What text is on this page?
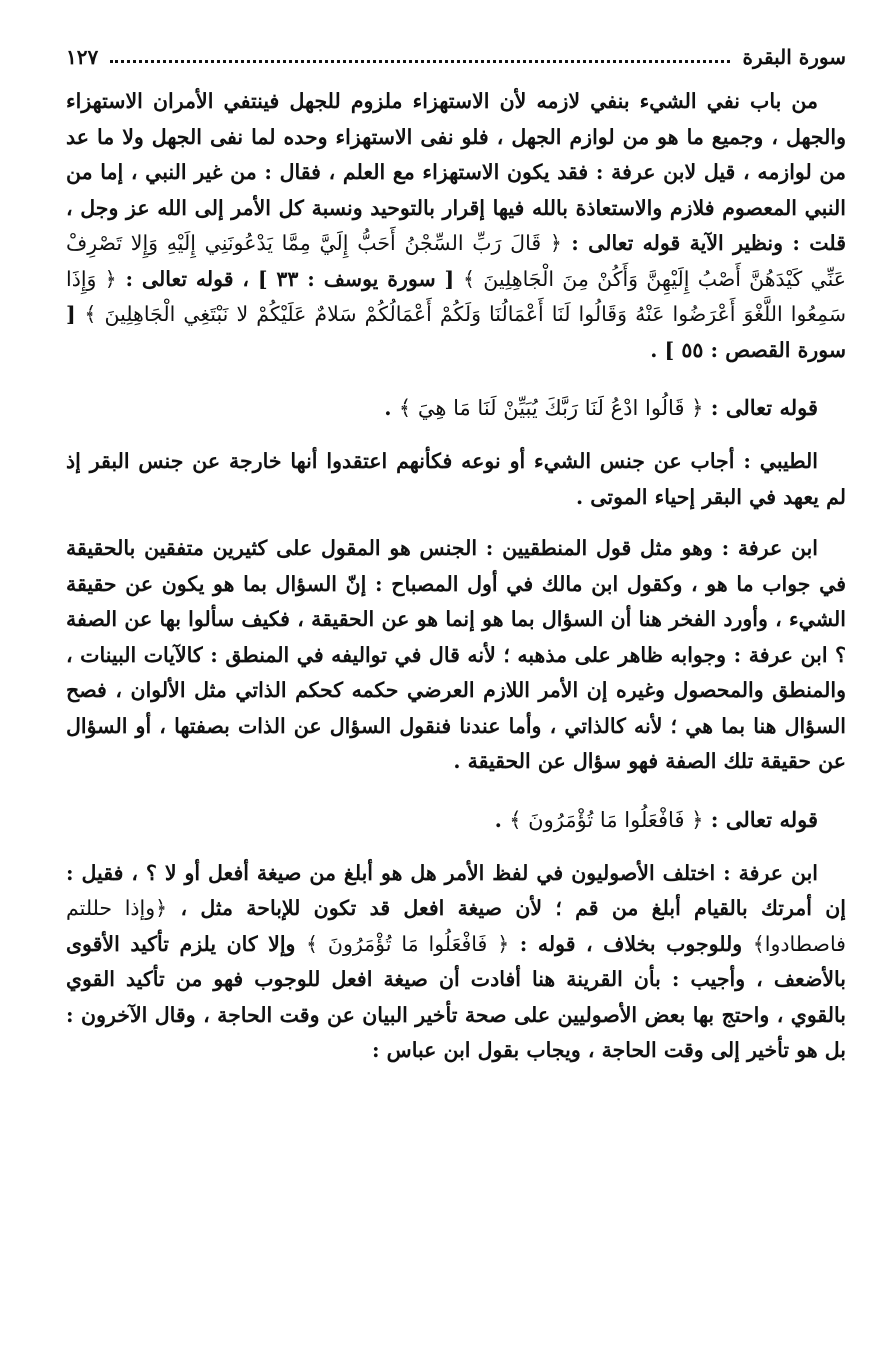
سورة البقرة
١٢٧

من باب نفي الشيء بنفي لازمه لأن الاستهزاء ملزوم للجهل فينتفي الأمران الاستهزاء والجهل ، وجميع ما هو من لوازم الجهل ، فلو نفى الاستهزاء وحده لما نفى الجهل ولا ما عد من لوازمه ، قيل لابن عرفة : فقد يكون الاستهزاء مع العلم ، فقال : من غير النبي ، إما من النبي المعصوم فلازم والاستعاذة بالله فيها إقرار بالتوحيد ونسبة كل الأمر إلى الله عز وجل ، قلت : ونظير الآية قوله تعالى : ﴿ قَالَ رَبِّ السِّجْنُ أَحَبُّ إِلَيَّ مِمَّا يَدْعُونَنِي إِلَيْهِ وَإِلا تَصْرِفْ عَنِّي كَيْدَهُنَّ أَصْبُ إِلَيْهِنَّ وَأَكُنْ مِنَ الْجَاهِلِينَ ﴾ [ سورة يوسف : ٣٣ ] ، قوله تعالى : ﴿ وَإِذَا سَمِعُوا اللَّغْوَ أَعْرَضُوا عَنْهُ وَقَالُوا لَنَا أَعْمَالُنَا وَلَكُمْ أَعْمَالُكُمْ سَلامٌ عَلَيْكُمْ لا نَبْتَغِي الْجَاهِلِينَ ﴾ [ سورة القصص : ٥٥ ] .

قوله تعالى : ﴿ قَالُوا ادْعُ لَنَا رَبَّكَ يُبَيِّنْ لَنَا مَا هِيَ ﴾ .

الطيبي : أجاب عن جنس الشيء أو نوعه فكأنهم اعتقدوا أنها خارجة عن جنس البقر إذ لم يعهد في البقر إحياء الموتى .

ابن عرفة : وهو مثل قول المنطقيين : الجنس هو المقول على كثيرين متفقين بالحقيقة في جواب ما هو ، وكقول ابن مالك في أول المصباح : إنّ السؤال بما هو يكون عن حقيقة الشيء ، وأورد الفخر هنا أن السؤال بما هو إنما هو عن الحقيقة ، فكيف سألوا بها عن الصفة ؟ ابن عرفة : وجوابه ظاهر على مذهبه ؛ لأنه قال في تواليفه في المنطق : كالآيات البينات ، والمنطق والمحصول وغيره إن الأمر اللازم العرضي حكمه كحكم الذاتي مثل الألوان ، فصح السؤال هنا بما هي ؛ لأنه كالذاتي ، وأما عندنا فنقول السؤال عن الذات بصفتها ، أو السؤال عن حقيقة تلك الصفة فهو سؤال عن الحقيقة .

قوله تعالى : ﴿ فَافْعَلُوا مَا تُؤْمَرُونَ ﴾ .

ابن عرفة : اختلف الأصوليون في لفظ الأمر هل هو أبلغ من صيغة أفعل أو لا ؟ ، فقيل : إن أمرتك بالقيام أبلغ من قم ؛ لأن صيغة افعل قد تكون للإباحة مثل ، ﴿وإذا حللتم فاصطادوا﴾ وللوجوب بخلاف ، قوله : ﴿ فَافْعَلُوا مَا تُؤْمَرُونَ ﴾ وإلا كان يلزم تأكيد الأقوى بالأضعف ، وأجيب : بأن القرينة هنا أفادت أن صيغة افعل للوجوب فهو من تأكيد القوي بالقوي ، واحتج بها بعض الأصوليين على صحة تأخير البيان عن وقت الحاجة ، وقال الآخرون : بل هو تأخير إلى وقت الحاجة ، ويجاب بقول ابن عباس :
